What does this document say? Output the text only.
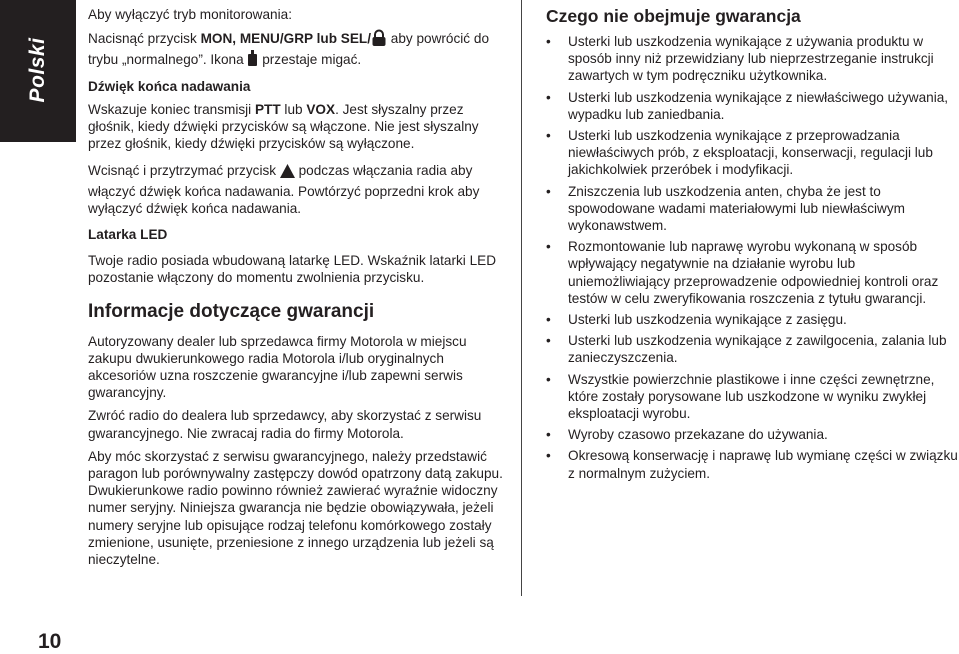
Polski
10

Aby wyłączyć tryb monitorowania:

Nacisnąć przycisk MON, MENU/GRP lub SEL/ aby powrócić do trybu „normalnego”. Ikona  przestaje migać.

Dźwięk końca nadawania

Wskazuje koniec transmisji PTT lub VOX. Jest słyszalny przez głośnik, kiedy dźwięki przycisków są włączone. Nie jest słyszalny przez głośnik, kiedy dźwięki przycisków są wyłączone.

Wcisnąć i przytrzymać przycisk  podczas włączania radia aby włączyć dźwięk końca nadawania. Powtórzyć poprzedni krok aby wyłączyć dźwięk końca nadawania.

Latarka LED

Twoje radio posiada wbudowaną latarkę LED. Wskaźnik latarki LED pozostanie włączony do momentu zwolnienia przycisku.

Informacje dotyczące gwarancji

Autoryzowany dealer lub sprzedawca firmy Motorola w miejscu zakupu dwukierunkowego radia Motorola i/lub oryginalnych akcesoriów uzna roszczenie gwarancyjne i/lub zapewni serwis gwarancyjny.

Zwróć radio do dealera lub sprzedawcy, aby skorzystać z serwisu gwarancyjnego. Nie zwracaj radia do firmy Motorola.

Aby móc skorzystać z serwisu gwarancyjnego, należy przedstawić paragon lub porównywalny zastępczy dowód opatrzony datą zakupu. Dwukierunkowe radio powinno również zawierać wyraźnie widoczny numer seryjny. Niniejsza gwarancja nie będzie obowiązywała, jeżeli numery seryjne lub opisujące rodzaj telefonu komórkowego zostały zmienione, usunięte, przeniesione z innego urządzenia lub jeżeli są nieczytelne.

Czego nie obejmuje gwarancja

• Usterki lub uszkodzenia wynikające z używania produktu w sposób inny niż przewidziany lub nieprzestrzeganie instrukcji zawartych w tym podręczniku użytkownika.
• Usterki lub uszkodzenia wynikające z niewłaściwego używania, wypadku lub zaniedbania.
• Usterki lub uszkodzenia wynikające z przeprowadzania niewłaściwych prób, z eksploatacji, konserwacji, regulacji lub jakichkolwiek przeróbek i modyfikacji.
• Zniszczenia lub uszkodzenia anten, chyba że jest to spowodowane wadami materiałowymi lub niewłaściwym wykonawstwem.
• Rozmontowanie lub naprawę wyrobu wykonaną w sposób wpływający negatywnie na działanie wyrobu lub uniemożliwiający przeprowadzenie odpowiedniej kontroli oraz testów w celu zweryfikowania roszczenia z tytułu gwarancji.
• Usterki lub uszkodzenia wynikające z zasięgu.
• Usterki lub uszkodzenia wynikające z zawilgocenia, zalania lub zanieczyszczenia.
• Wszystkie powierzchnie plastikowe i inne części zewnętrzne, które zostały porysowane lub uszkodzone w wyniku zwykłej eksploatacji wyrobu.
• Wyroby czasowo przekazane do używania.
• Okresową konserwację i naprawę lub wymianę części w związku z normalnym zużyciem.
